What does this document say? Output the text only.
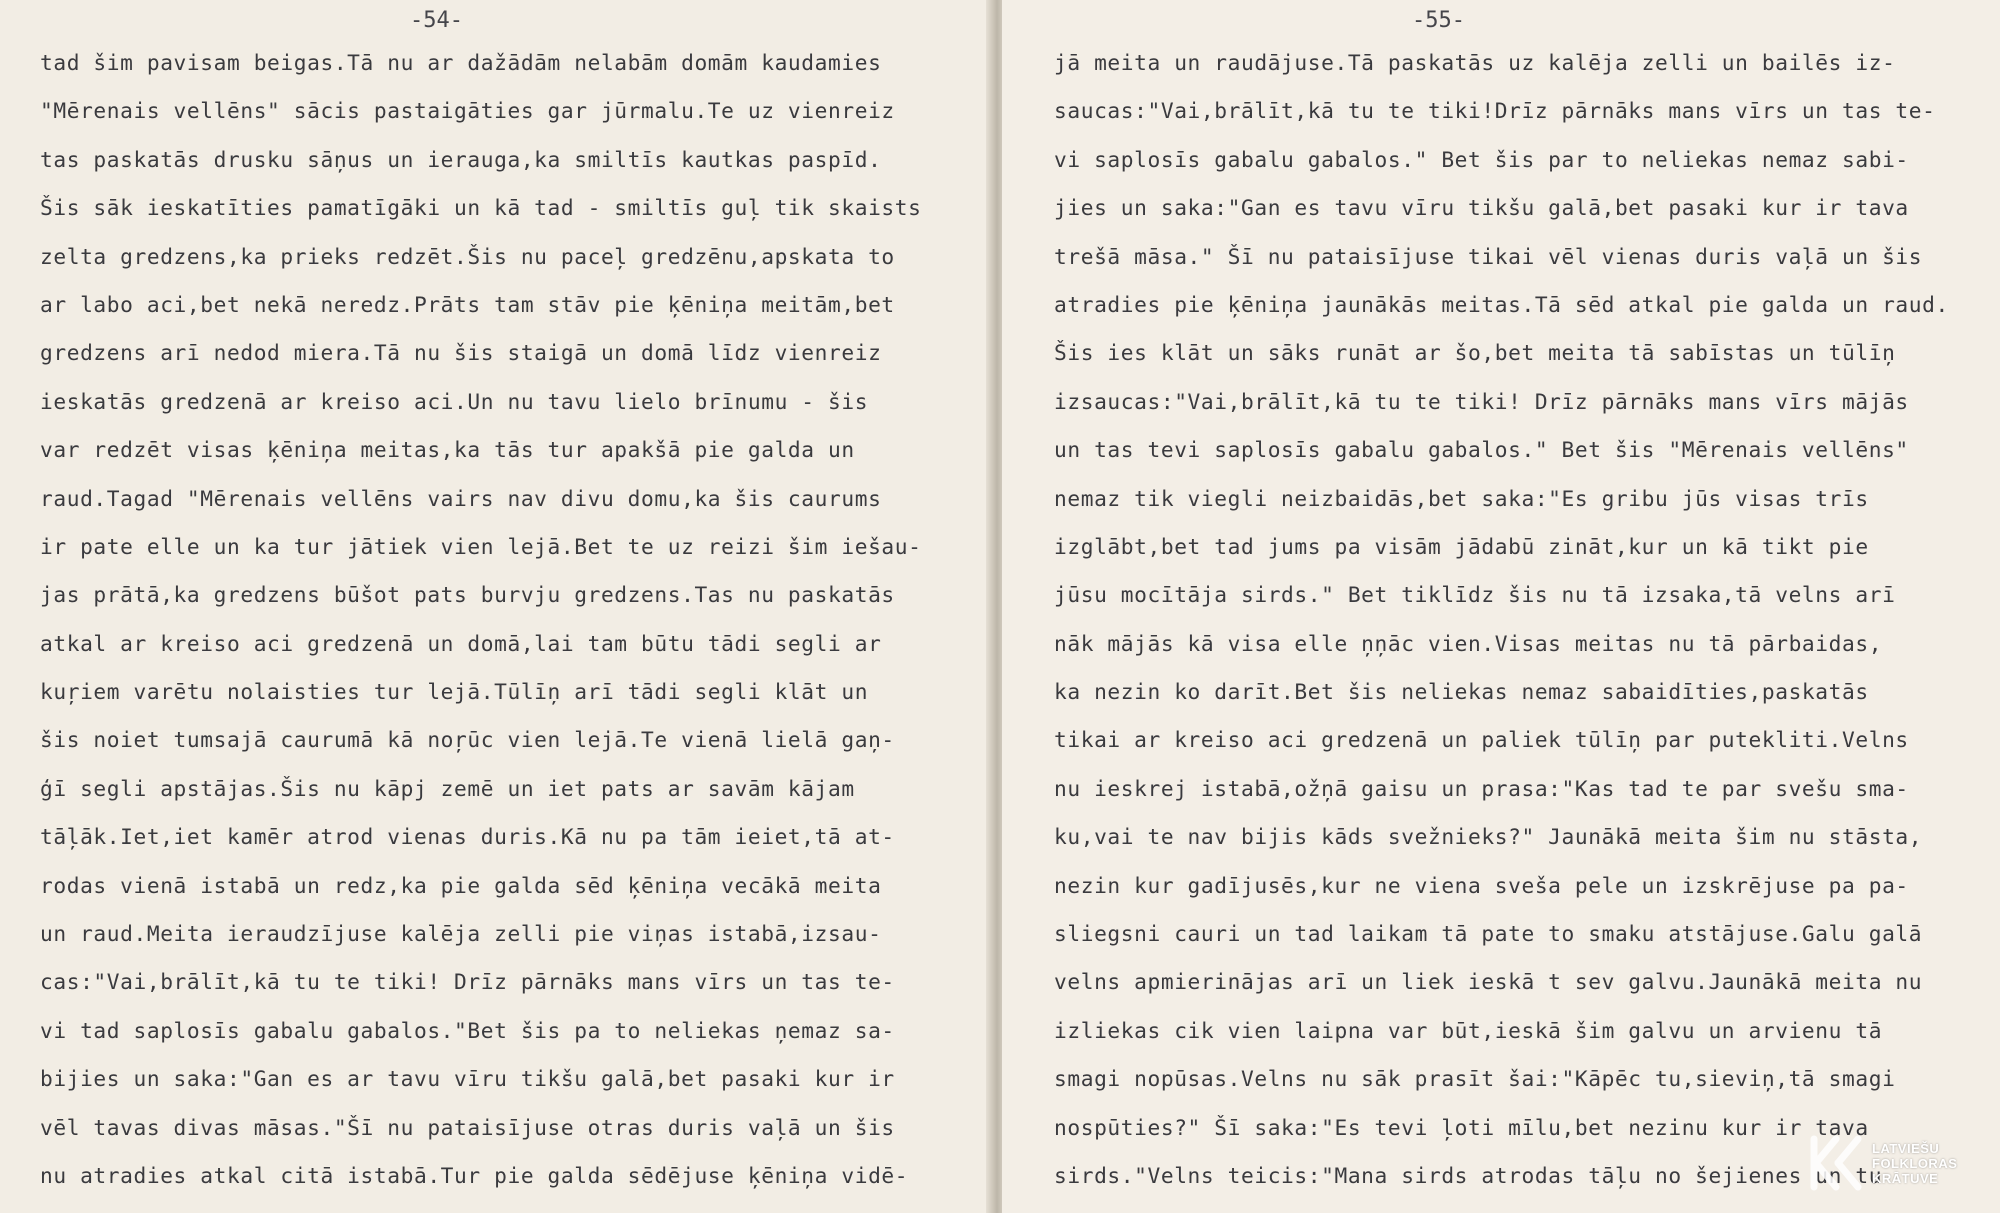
-54-
tad šim pavisam beigas.Tā nu ar dažādām nelabām domām kaudamies
"Mērenais vellēns" sācis pastaigāties gar jūrmalu.Te uz vienreiz
tas paskatās drusku sāņus un ierauga,ka smiltīs kautkas paspīd.
Šis sāk ieskatīties pamatīgāki un kā tad - smiltīs guļ tik skaists
zelta gredzens,ka prieks redzēt.Šis nu paceļ gredzēnu,apskata to
ar labo aci,bet nekā neredz.Prāts tam stāv pie ķēniņa meitām,bet
gredzens arī nedod miera.Tā nu šis staigā un domā līdz vienreiz
ieskatās gredzenā ar kreiso aci.Un nu tavu lielo brīnumu - šis
var redzēt visas ķēniņa meitas,ka tās tur apakšā pie galda un
raud.Tagad "Mērenais vellēns vairs nav divu domu,ka šis caurums
ir pate elle un ka tur jātiek vien lejā.Bet te uz reizi šim iešau-
jas prātā,ka gredzens būšot pats burvju gredzens.Tas nu paskatās
atkal ar kreiso aci gredzenā un domā,lai tam būtu tādi segli ar
kuŗiem varētu nolaisties tur lejā.Tūlīņ arī tādi segli klāt un
šis noiet tumsajā caurumā kā noŗūc vien lejā.Te vienā lielā gaņ-
ģī segli apstājas.Šis nu kāpj zemē un iet pats ar savām kājam
tāļāk.Iet,iet kamēr atrod vienas duris.Kā nu pa tām ieiet,tā at-
rodas vienā istabā un redz,ka pie galda sēd ķēniņa vecākā meita
un raud.Meita ieraudzījuse kalēja zelli pie viņas istabā,izsau-
cas:"Vai,brālīt,kā tu te tiki! Drīz pārnāks mans vīrs un tas te-
vi tad saplosīs gabalu gabalos."Bet šis pa to neliekas ņemaz sa-
bijies un saka:"Gan es ar tavu vīru tikšu galā,bet pasaki kur ir
vēl tavas divas māsas."Šī nu pataisījuse otras duris vaļā un šis
nu atradies atkal citā istabā.Tur pie galda sēdējuse ķēniņa vidē-
-55-
jā meita un raudājuse.Tā paskatās uz kalēja zelli un bailēs iz-
saucas:"Vai,brālīt,kā tu te tiki!Drīz pārnāks mans vīrs un tas te-
vi saplosīs gabalu gabalos." Bet šis par to neliekas nemaz sabi-
jies un saka:"Gan es tavu vīru tikšu galā,bet pasaki kur ir tava
trešā māsa." Šī nu pataisījuse tikai vēl vienas duris vaļā un šis
atradies pie ķēniņa jaunākās meitas.Tā sēd atkal pie galda un raud.
Šis ies klāt un sāks runāt ar šo,bet meita tā sabīstas un tūlīņ
izsaucas:"Vai,brālīt,kā tu te tiki! Drīz pārnāks mans vīrs mājās
un tas tevi saplosīs gabalu gabalos." Bet šis "Mērenais vellēns"
nemaz tik viegli neizbaidās,bet saka:"Es gribu jūs visas trīs
izglābt,bet tad jums pa visām jādabū zināt,kur un kā tikt pie
jūsu mocītāja sirds." Bet tiklīdz šis nu tā izsaka,tā velns arī
nāk mājās kā visa elle ņņāc vien.Visas meitas nu tā pārbaidas,
ka nezin ko darīt.Bet šis neliekas nemaz sabaidīties,paskatās
tikai ar kreiso aci gredzenā un paliek tūlīņ par putekliti.Velns
nu ieskrej istabā,ožņā gaisu un prasa:"Kas tad te par svešu sma-
ku,vai te nav bijis kāds svežnieks?" Jaunākā meita šim nu stāsta,
nezin kur gadījusēs,kur ne viena sveša pele un izskrējuse pa pa-
sliegsni cauri un tad laikam tā pate to smaku atstājuse.Galu galā
velns apmierinājas arī un liek ieskā t sev galvu.Jaunākā meita nu
izliekas cik vien laipna var būt,ieskā šim galvu un arvienu tā
smagi nopūsas.Velns nu sāk prasīt šai:"Kāpēc tu,sieviņ,tā smagi
nospūties?" Šī saka:"Es tevi ļoti mīlu,bet nezinu kur ir tava
sirds."Velns teicis:"Mana sirds atrodas tāļu no šejienes un tu
LATVIEŠU
FOLKLORAS
KRĀTUVE
